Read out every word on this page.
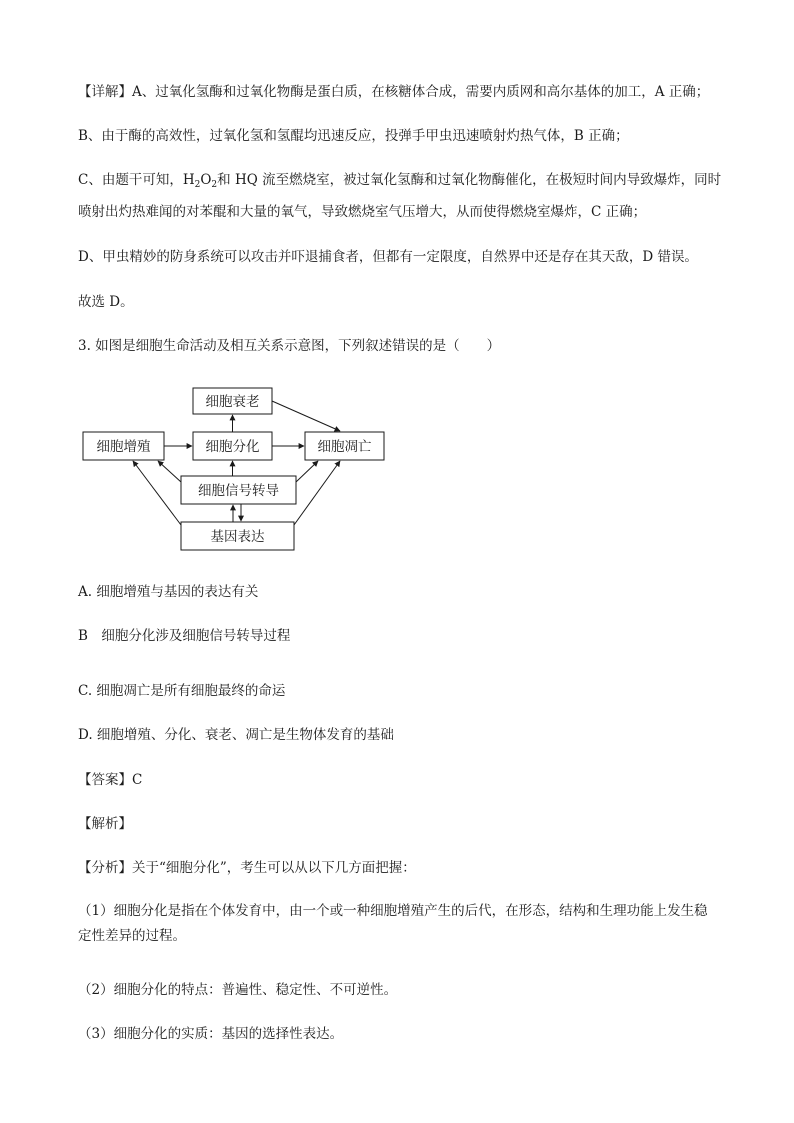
【详解】A、过氧化氢酶和过氧化物酶是蛋白质，在核糖体合成，需要内质网和高尔基体的加工，A 正确；
B、由于酶的高效性，过氧化氢和氢醌均迅速反应，投弹手甲虫迅速喷射灼热气体，B 正确；
C、由题干可知，$H_2O_2$和 HQ 流至燃烧室，被过氧化氢酶和过氧化物酶催化，在极短时间内导致爆炸，同时
喷射出灼热难闻的对苯醌和大量的氧气，导致燃烧室气压增大，从而使得燃烧室爆炸，C 正确；
D、甲虫精妙的防身系统可以攻击并吓退捕食者，但都有一定限度，自然界中还是存在其天敌，D 错误。
故选 D。
3. 如图是细胞生命活动及相互关系示意图，下列叙述错误的是（　　）
细胞衰老
细胞增殖	细胞分化	细胞凋亡
细胞信号转导
基因表达
A. 细胞增殖与基因的表达有关
B　细胞分化涉及细胞信号转导过程
C. 细胞凋亡是所有细胞最终的命运
D. 细胞增殖、分化、衰老、凋亡是生物体发育的基础
【答案】C
【解析】
【分析】关于“细胞分化”，考生可以从以下几方面把握：
（1）细胞分化是指在个体发育中，由一个或一种细胞增殖产生的后代，在形态，结构和生理功能上发生稳定性差异的过程。
（2）细胞分化的特点：普遍性、稳定性、不可逆性。
（3）细胞分化的实质：基因的选择性表达。
